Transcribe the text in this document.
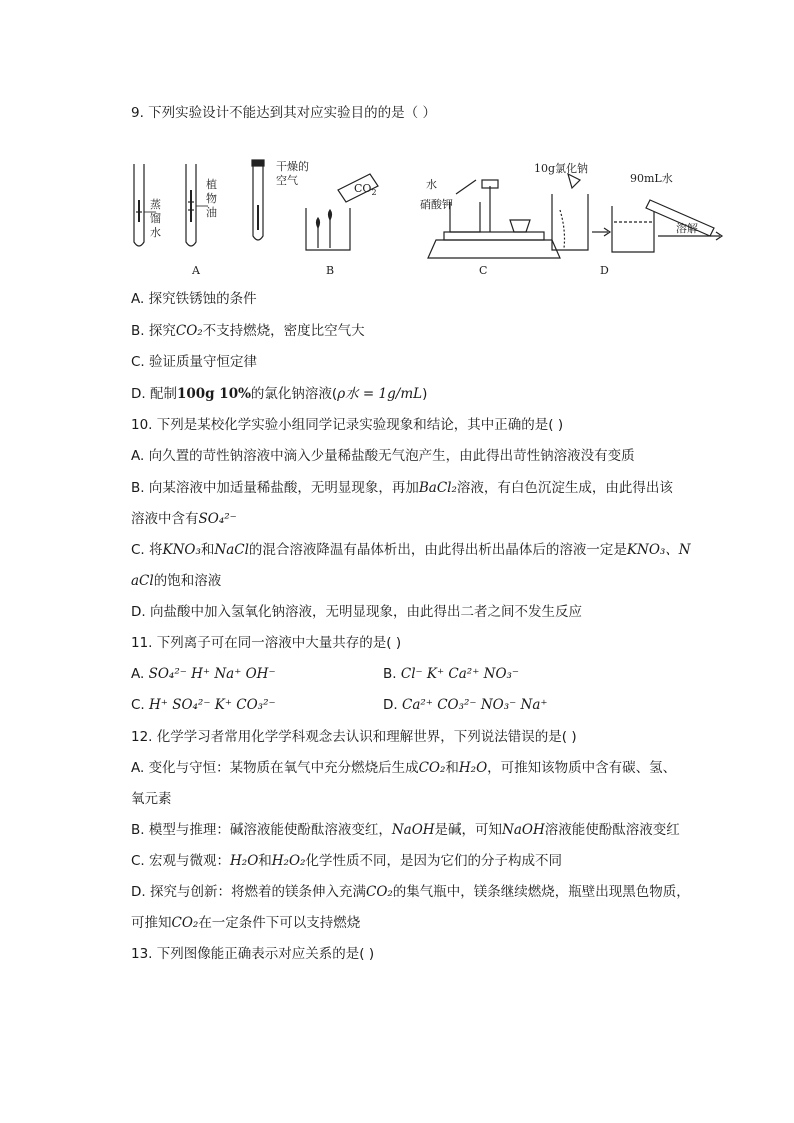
9. 下列实验设计不能达到其对应实验目的的是（ ）
蒸
馏
水
植
物
油
干燥的
空气
$CO_2$
水
硝酸钾
10g氯化钠
90mL水
溶解
A	B	C	D
A. 探究铁锈蚀的条件
B. 探究CO₂不支持燃烧，密度比空气大
C. 验证质量守恒定律
D. 配制100g 10%的氯化钠溶液(ρ水 = 1g/mL)
10. 下列是某校化学实验小组同学记录实验现象和结论，其中正确的是( )
A. 向久置的苛性钠溶液中滴入少量稀盐酸无气泡产生，由此得出苛性钠溶液没有变质
B. 向某溶液中加适量稀盐酸，无明显现象，再加BaCl₂溶液，有白色沉淀生成，由此得出该
溶液中含有SO₄²⁻
C. 将KNO₃和NaCl的混合溶液降温有晶体析出，由此得出析出晶体后的溶液一定是KNO₃、N
aCl的饱和溶液
D. 向盐酸中加入氢氧化钠溶液，无明显现象，由此得出二者之间不发生反应
11. 下列离子可在同一溶液中大量共存的是( )
A. SO₄²⁻ H⁺ Na⁺ OH⁻	B. Cl⁻ K⁺ Ca²⁺ NO₃⁻
C. H⁺ SO₄²⁻ K⁺ CO₃²⁻	D. Ca²⁺ CO₃²⁻ NO₃⁻ Na⁺
12. 化学学习者常用化学学科观念去认识和理解世界，下列说法错误的是( )
A. 变化与守恒：某物质在氧气中充分燃烧后生成CO₂和H₂O，可推知该物质中含有碳、氢、
氧元素
B. 模型与推理：碱溶液能使酚酞溶液变红，NaOH是碱，可知NaOH溶液能使酚酞溶液变红
C. 宏观与微观：H₂O和H₂O₂化学性质不同，是因为它们的分子构成不同
D. 探究与创新：将燃着的镁条伸入充满CO₂的集气瓶中，镁条继续燃烧，瓶壁出现黑色物质，
可推知CO₂在一定条件下可以支持燃烧
13. 下列图像能正确表示对应关系的是( )
